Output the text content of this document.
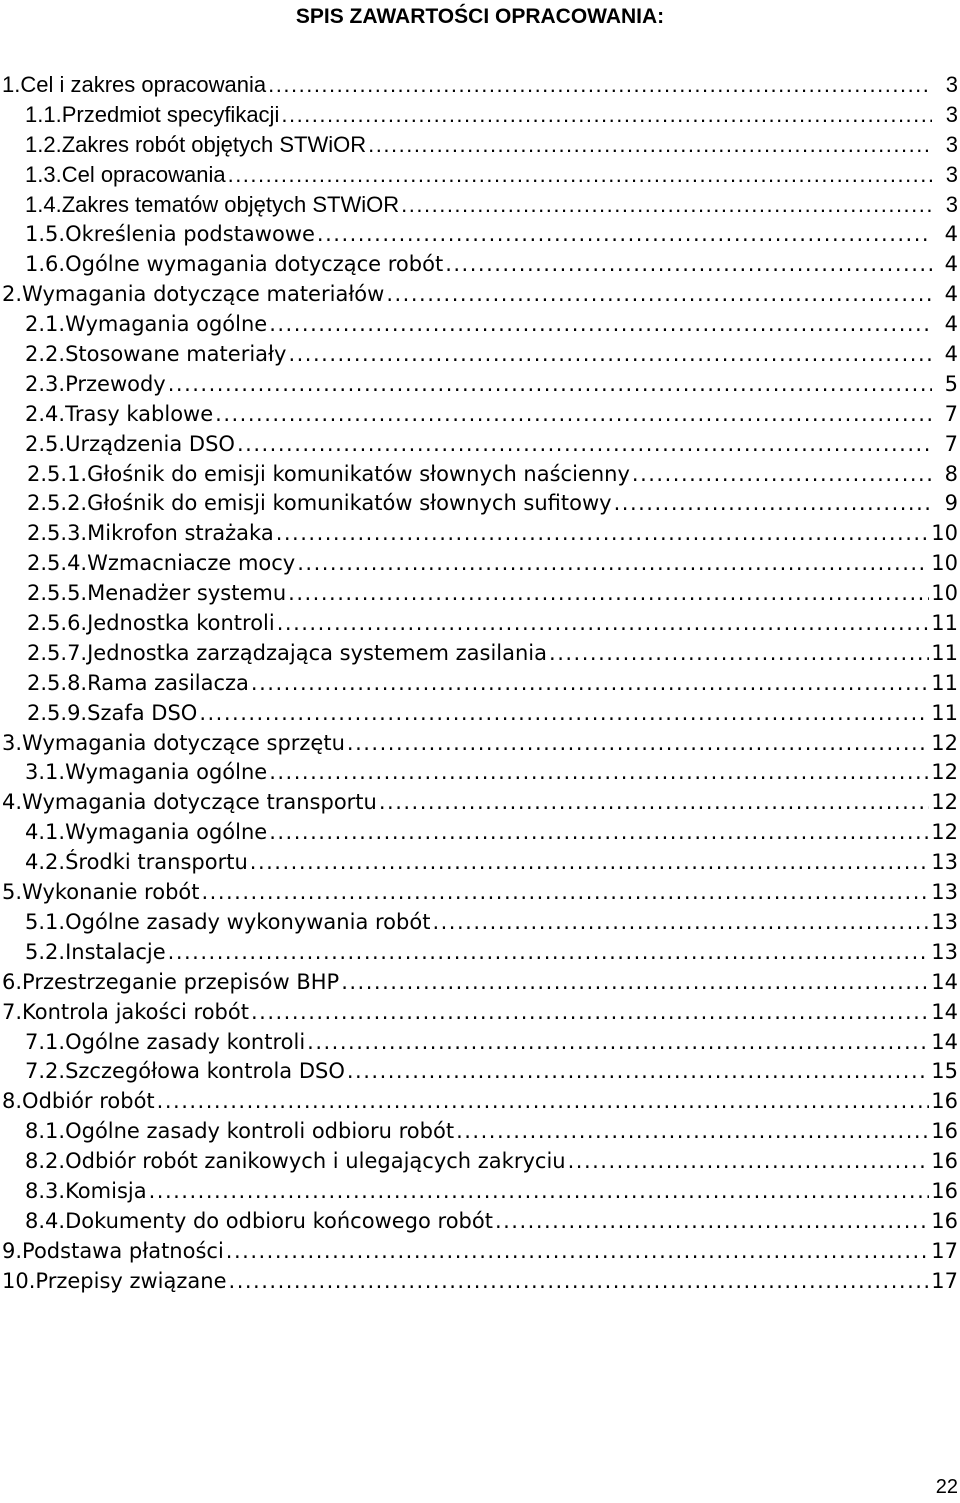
SPIS ZAWARTOŚCI OPRACOWANIA:
1. Cel i zakres opracowania .....	3
1.1. Przedmiot specyfikacji .....	3
1.2. Zakres robót objętych STWiOR .....	3
1.3. Cel opracowania .....	3
1.4. Zakres tematów objętych STWiOR .....	3
1.5. Określenia podstawowe .....	4
1.6. Ogólne wymagania dotyczące robót .....	4
2. Wymagania dotyczące materiałów .....	4
2.1. Wymagania ogólne .....	4
2.2. Stosowane materiały .....	4
2.3. Przewody .....	5
2.4. Trasy kablowe .....	7
2.5. Urządzenia DSO .....	7
2.5.1. Głośnik do emisji komunikatów słownych naścienny .....	8
2.5.2. Głośnik do emisji komunikatów słownych sufitowy .....	9
2.5.3. Mikrofon strażaka .....	10
2.5.4. Wzmacniacze mocy .....	10
2.5.5. Menadżer systemu .....	10
2.5.6. Jednostka kontroli .....	11
2.5.7. Jednostka zarządzająca systemem zasilania .....	11
2.5.8. Rama zasilacza .....	11
2.5.9. Szafa DSO .....	11
3. Wymagania dotyczące sprzętu .....	12
3.1. Wymagania ogólne .....	12
4. Wymagania dotyczące transportu .....	12
4.1. Wymagania ogólne .....	12
4.2. Środki transportu .....	13
5. Wykonanie robót .....	13
5.1. Ogólne zasady wykonywania robót .....	13
5.2. Instalacje .....	13
6. Przestrzeganie przepisów BHP .....	14
7. Kontrola jakości robót .....	14
7.1. Ogólne zasady kontroli .....	14
7.2. Szczegółowa kontrola DSO .....	15
8. Odbiór robót .....	16
8.1. Ogólne zasady kontroli odbioru robót .....	16
8.2. Odbiór robót zanikowych i ulegających zakryciu .....	16
8.3. Komisja .....	16
8.4. Dokumenty do odbioru końcowego robót .....	16
9. Podstawa płatności .....	17
10. Przepisy związane .....	17
22
